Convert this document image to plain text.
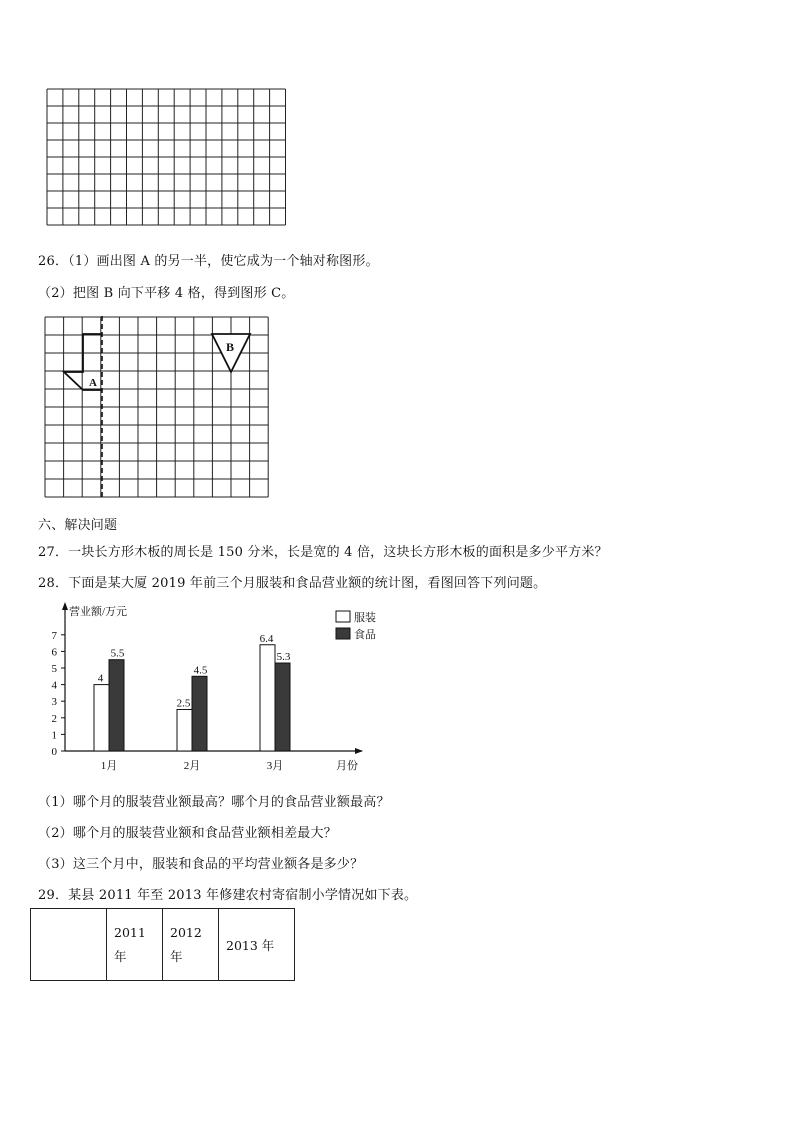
26．（1）画出图 A 的另一半，使它成为一个轴对称图形。
（2）把图 B 向下平移 4 格，得到图形 C。
A
B
六、解决问题
27．一块长方形木板的周长是 150 分米，长是宽的 4 倍，这块长方形木板的面积是多少平方米？
28．下面是某大厦 2019 年前三个月服装和食品营业额的统计图，看图回答下列问题。
营业额/万元
0
1
2
3
4
5
6
7
4
5.5
1月
2.5
4.5
2月
6.4
5.3
3月	月份
服装
食品
（1）哪个月的服装营业额最高？哪个月的食品营业额最高？
（2）哪个月的服装营业额和食品营业额相差最大？
（3）这三个月中，服装和食品的平均营业额各是多少？
29．某县 2011 年至 2013 年修建农村寄宿制小学情况如下表。
	2011 年	2012 年	2013 年
